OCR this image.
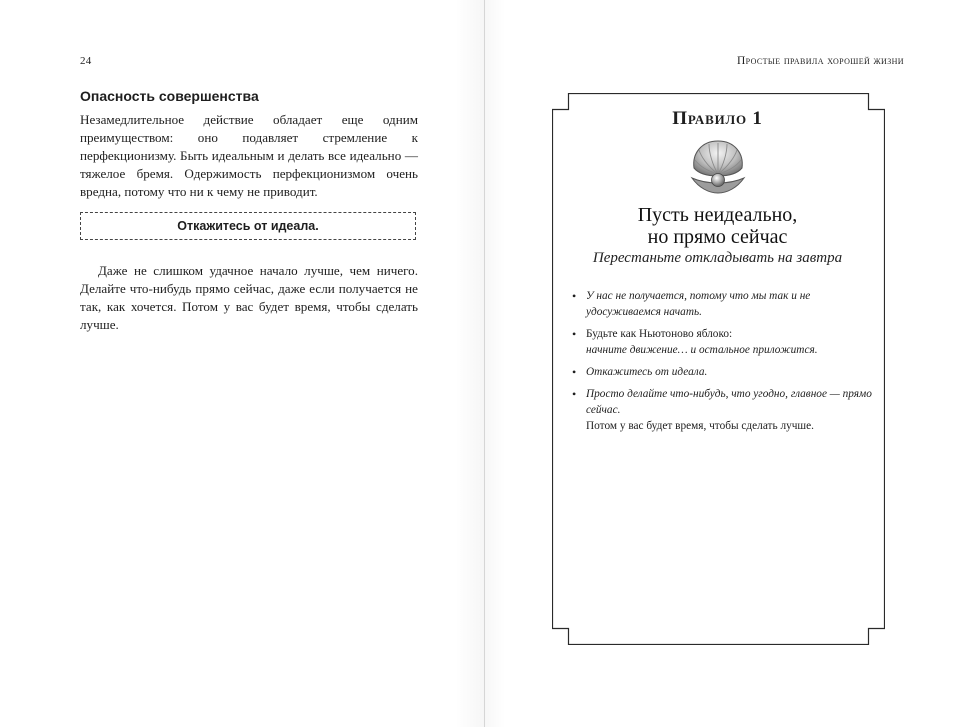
24	Простые правила хорошей жизни
Опасность совершенства

Незамедлительное действие обладает еще одним преимуществом: оно подавляет стремление к перфекционизму. Быть идеальным и делать все идеально — тяжелое бремя. Одержимость перфекционизмом очень вредна, потому что ни к чему не приводит.

Откажитесь от идеала.

Даже не слишком удачное начало лучше, чем ничего. Делайте что-нибудь прямо сейчас, даже если получается не так, как хочется. Потом у вас будет время, чтобы сделать лучше.

Правило 1
Пусть неидеально,
но прямо сейчас
Перестаньте откладывать на завтра
• У нас не получается, потому что мы так и не удосуживаемся начать.
• Будьте как Ньютоново яблоко:
начните движение… и остальное приложится.
• Откажитесь от идеала.
• Просто делайте что-нибудь, что угодно, главное — прямо сейчас.
Потом у вас будет время, чтобы сделать лучше.
